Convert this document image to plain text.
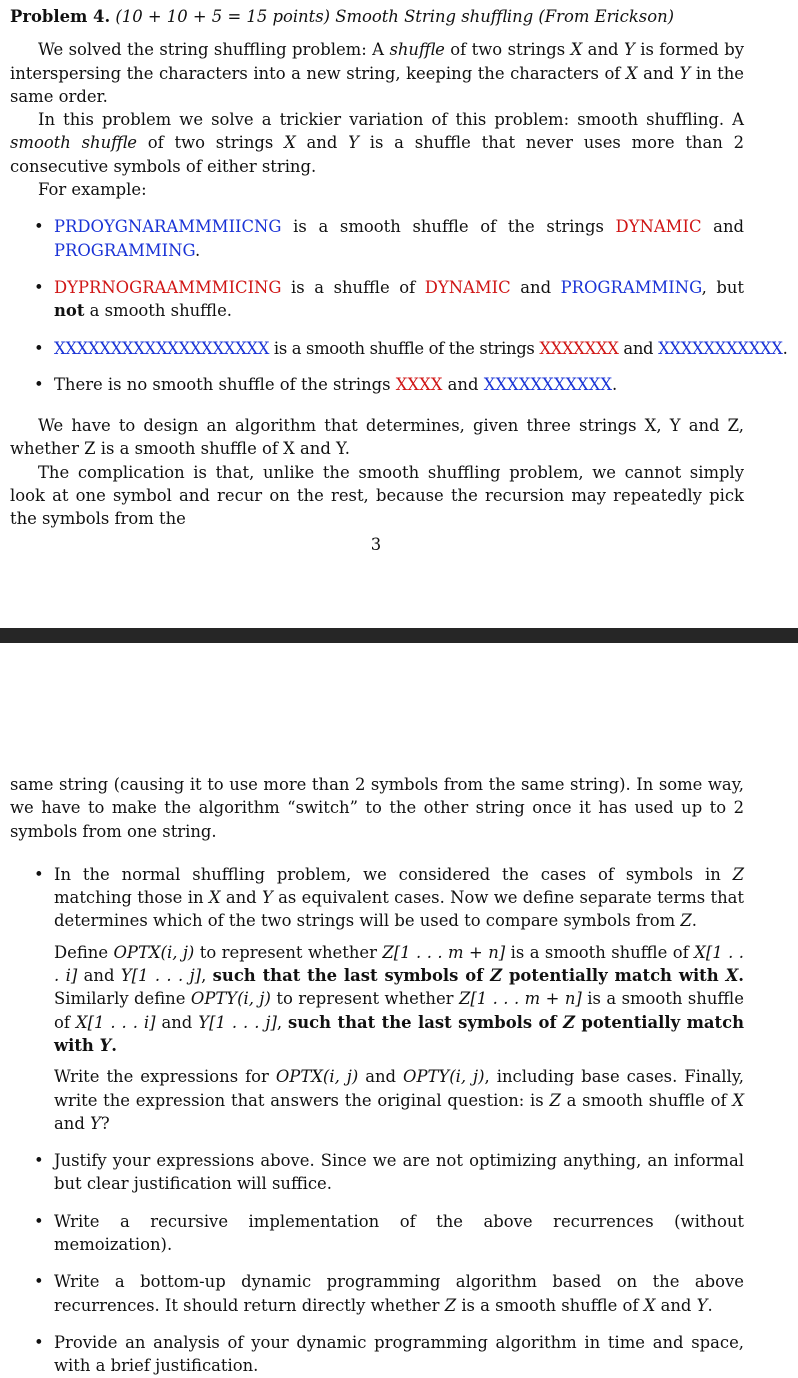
Problem 4. (10 + 10 + 5 = 15 points) Smooth String shuffling (From Erickson)

We solved the string shuffling problem: A shuffle of two strings X and Y is formed by interspersing the characters into a new string, keeping the characters of X and Y in the same order.

In this problem we solve a trickier variation of this problem: smooth shuffling. A smooth shuffle of two strings X and Y is a shuffle that never uses more than 2 consecutive symbols of either string.

For example:

• PRDOYGNARAMMMIICNG is a smooth shuffle of the strings DYNAMIC and PROGRAMMING.
• DYPRNOGRAAMMMICING is a shuffle of DYNAMIC and PROGRAMMING, but not a smooth shuffle.
• XXXXXXXXXXXXXXXXXXX is a smooth shuffle of the strings XXXXXXX and XXXXXXXXXXX.
• There is no smooth shuffle of the strings XXXX and XXXXXXXXXXX.

We have to design an algorithm that determines, given three strings X, Y and Z, whether Z is a smooth shuffle of X and Y.

The complication is that, unlike the smooth shuffling problem, we cannot simply look at one symbol and recur on the rest, because the recursion may repeatedly pick the symbols from the

3

same string (causing it to use more than 2 symbols from the same string). In some way, we have to make the algorithm “switch” to the other string once it has used up to 2 symbols from one string.

• In the normal shuffling problem, we considered the cases of symbols in Z matching those in X and Y as equivalent cases. Now we define separate terms that determines which of the two strings will be used to compare symbols from Z.

Define OPTX(i, j) to represent whether Z[1 . . . m + n] is a smooth shuffle of X[1 . . . i] and Y[1 . . . j], such that the last symbols of Z potentially match with X. Similarly define OPTY(i, j) to represent whether Z[1 . . . m + n] is a smooth shuffle of X[1 . . . i] and Y[1 . . . j], such that the last symbols of Z potentially match with Y.

Write the expressions for OPTX(i, j) and OPTY(i, j), including base cases. Finally, write the expression that answers the original question: is Z a smooth shuffle of X and Y?

• Justify your expressions above. Since we are not optimizing anything, an informal but clear justification will suffice.
• Write a recursive implementation of the above recurrences (without memoization).
• Write a bottom-up dynamic programming algorithm based on the above recurrences. It should return directly whether Z is a smooth shuffle of X and Y.
• Provide an analysis of your dynamic programming algorithm in time and space, with a brief justification.
